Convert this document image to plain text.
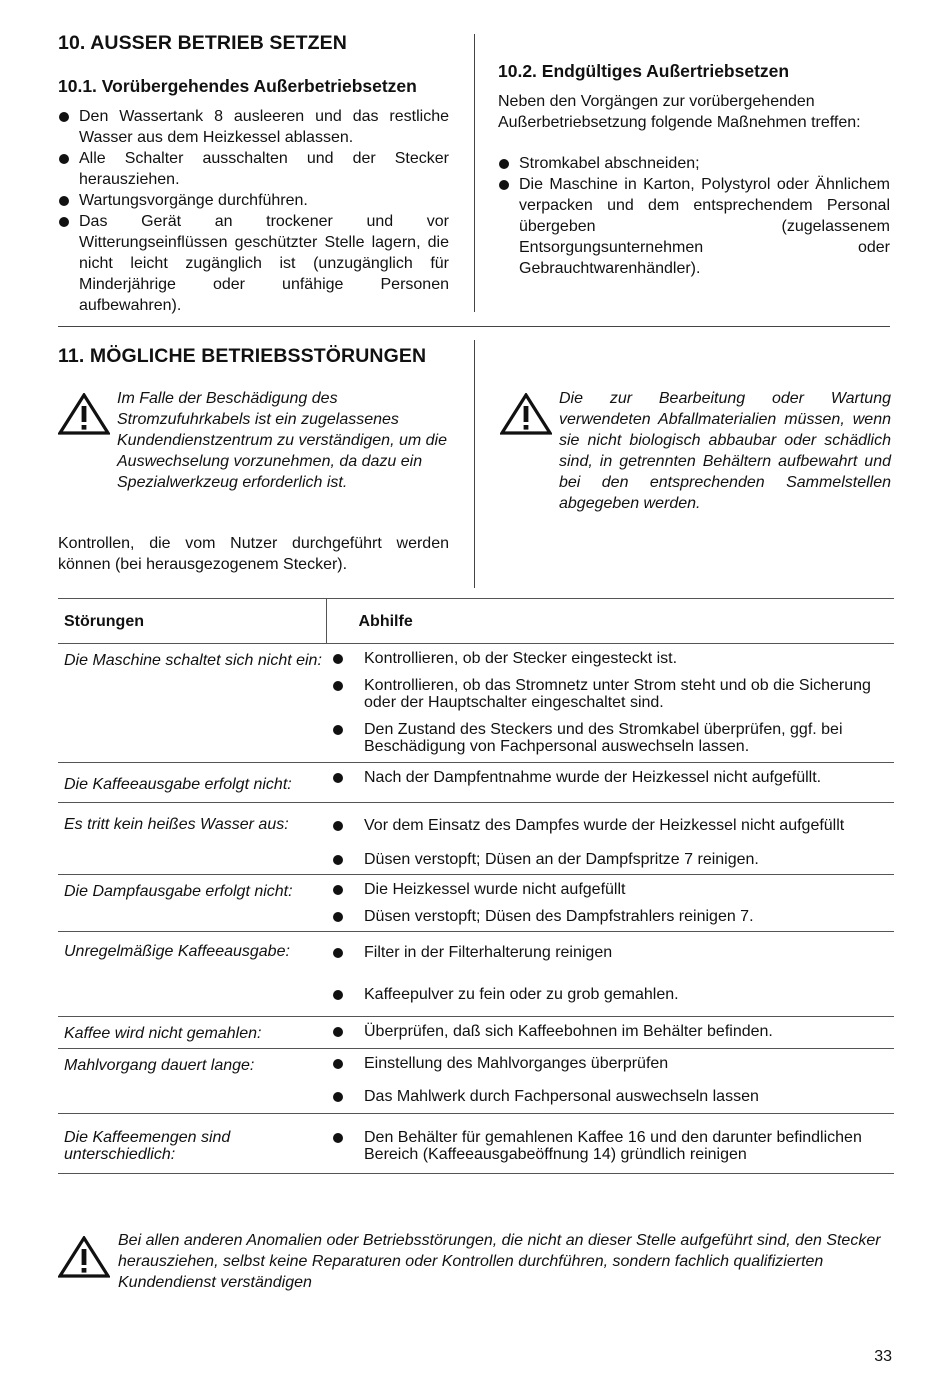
10. AUSSER BETRIEB SETZEN
10.1. Vorübergehendes Außerbetriebsetzen
Den Wassertank 8 ausleeren und das restliche Wasser aus dem Heizkessel ablassen.
Alle Schalter ausschalten und der Stecker herausziehen.
Wartungsvorgänge durchführen.
Das Gerät an trockener und vor Witterungseinflüssen geschützter Stelle lagern, die nicht leicht zugänglich ist (unzugänglich für Minderjährige oder unfähige Personen aufbewahren).
10.2. Endgültiges Außertriebsetzen

Neben den Vorgängen zur vorübergehenden Außerbetriebsetzung folgende Maßnehmen treffen:

Stromkabel abschneiden;
Die Maschine in Karton, Polystyrol oder Ähnlichem verpacken und dem entsprechendem Personal übergeben (zugelassenem Entsorgungsunternehmen oder Gebrauchtwarenhändler).
11. MÖGLICHE BETRIEBSSTÖRUNGEN

Im Falle der Beschädigung des Stromzufuhrkabels ist ein zugelassenes Kundendienstzentrum zu verständigen, um die Auswechselung vorzunehmen, da dazu ein Spezialwerkzeug erforderlich ist.

Die zur Bearbeitung oder Wartung verwendeten Abfallmaterialien müssen, wenn sie nicht biologisch abbaubar oder schädlich sind, in getrennten Behältern aufbewahrt und bei den entsprechenden Sammelstellen abgegeben werden.

Kontrollen, die vom Nutzer durchgeführt werden können (bei herausgezogenem Stecker).

Störungen	Abhilfe
Die Maschine schaltet sich nicht ein:	Kontrollieren, ob der Stecker eingesteckt ist.
Kontrollieren, ob das Stromnetz unter Strom steht und ob die Sicherung oder der Hauptschalter eingeschaltet sind.
Den Zustand des Steckers und des Stromkabel überprüfen, ggf. bei Beschädigung von Fachpersonal auswechseln lassen.

Die Kaffeeausgabe erfolgt nicht:	Nach der Dampfentnahme wurde der Heizkessel nicht aufgefüllt.

Es tritt kein heißes Wasser aus:	Vor dem Einsatz des Dampfes wurde der Heizkessel nicht aufgefüllt
Düsen verstopft; Düsen an der Dampfspritze 7 reinigen.

Die Dampfausgabe erfolgt nicht:	Die Heizkessel wurde nicht aufgefüllt
Düsen verstopft; Düsen des Dampfstrahlers reinigen 7.

Unregelmäßige Kaffeeausgabe:	Filter in der Filterhalterung reinigen
Kaffeepulver zu fein oder zu grob gemahlen.

Kaffee wird nicht gemahlen:	Überprüfen, daß sich Kaffeebohnen im Behälter befinden.

Mahlvorgang dauert lange:	Einstellung des Mahlvorganges überprüfen
Das Mahlwerk durch Fachpersonal auswechseln lassen

Die Kaffeemengen sind unterschiedlich:	Den Behälter für gemahlenen Kaffee 16 und den darunter befindlichen Bereich (Kaffeeausgabeöffnung 14) gründlich reinigen

Bei allen anderen Anomalien oder Betriebsstörungen, die nicht an dieser Stelle aufgeführt sind, den Stecker herausziehen, selbst keine Reparaturen oder Kontrollen durchführen, sondern fachlich qualifizierten Kundendienst verständigen

33
